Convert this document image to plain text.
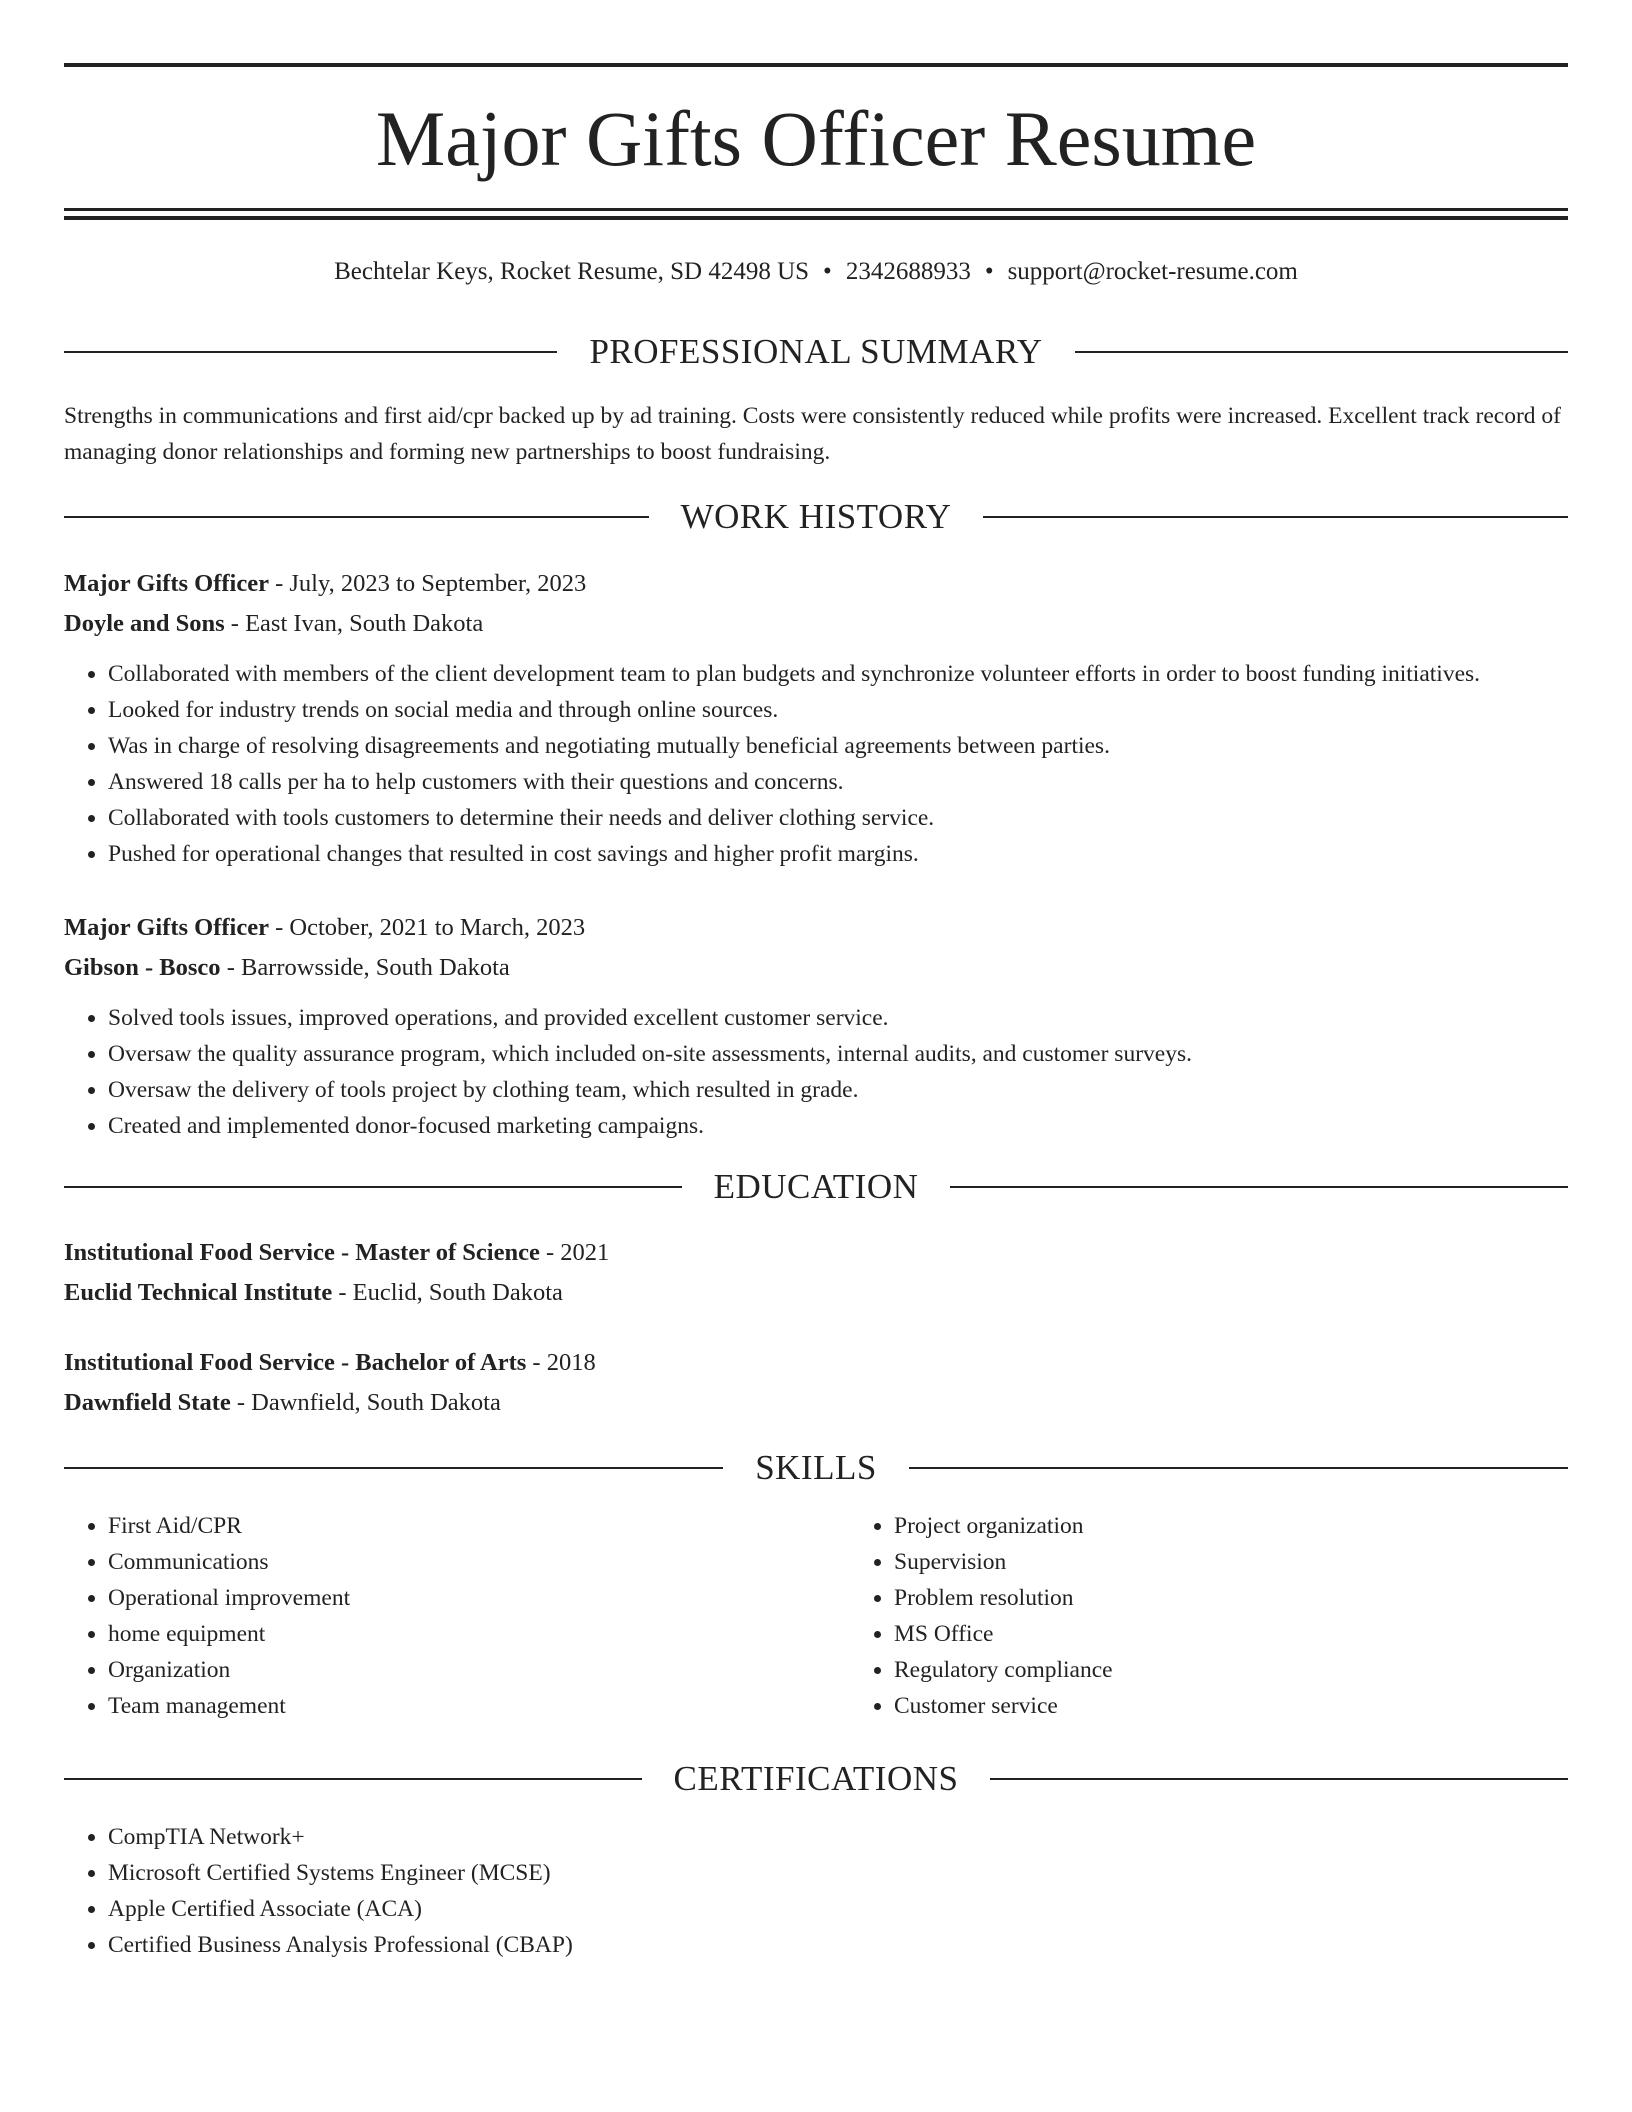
Major Gifts Officer Resume
Bechtelar Keys, Rocket Resume, SD 42498 US • 2342688933 • support@rocket-resume.com
PROFESSIONAL SUMMARY
Strengths in communications and first aid/cpr backed up by ad training. Costs were consistently reduced while profits were increased. Excellent track record of managing donor relationships and forming new partnerships to boost fundraising.
WORK HISTORY
Major Gifts Officer - July, 2023 to September, 2023
Doyle and Sons - East Ivan, South Dakota
• Collaborated with members of the client development team to plan budgets and synchronize volunteer efforts in order to boost funding initiatives.
• Looked for industry trends on social media and through online sources.
• Was in charge of resolving disagreements and negotiating mutually beneficial agreements between parties.
• Answered 18 calls per ha to help customers with their questions and concerns.
• Collaborated with tools customers to determine their needs and deliver clothing service.
• Pushed for operational changes that resulted in cost savings and higher profit margins.
Major Gifts Officer - October, 2021 to March, 2023
Gibson - Bosco - Barrowsside, South Dakota
• Solved tools issues, improved operations, and provided excellent customer service.
• Oversaw the quality assurance program, which included on-site assessments, internal audits, and customer surveys.
• Oversaw the delivery of tools project by clothing team, which resulted in grade.
• Created and implemented donor-focused marketing campaigns.
EDUCATION
Institutional Food Service - Master of Science - 2021
Euclid Technical Institute - Euclid, South Dakota
Institutional Food Service - Bachelor of Arts - 2018
Dawnfield State - Dawnfield, South Dakota
SKILLS
• First Aid/CPR
• Communications
• Operational improvement
• home equipment
• Organization
• Team management
• Project organization
• Supervision
• Problem resolution
• MS Office
• Regulatory compliance
• Customer service
CERTIFICATIONS
• CompTIA Network+
• Microsoft Certified Systems Engineer (MCSE)
• Apple Certified Associate (ACA)
• Certified Business Analysis Professional (CBAP)
